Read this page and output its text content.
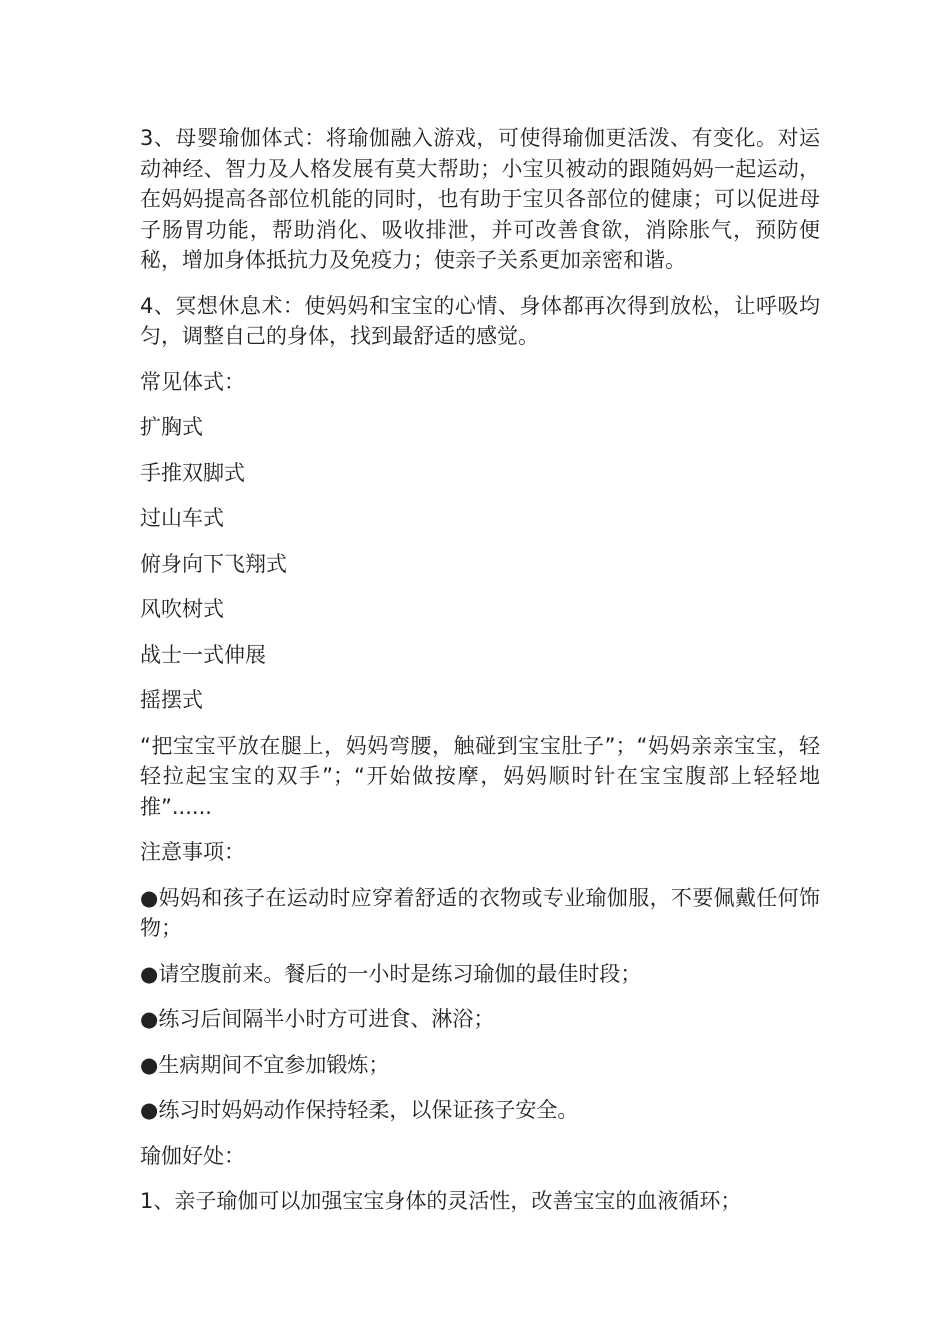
3、母婴瑜伽体式：将瑜伽融入游戏，可使得瑜伽更活泼、有变化。对运动神经、智力及人格发展有莫大帮助；小宝贝被动的跟随妈妈一起运动，在妈妈提高各部位机能的同时，也有助于宝贝各部位的健康；可以促进母子肠胃功能，帮助消化、吸收排泄，并可改善食欲，消除胀气，预防便秘，增加身体抵抗力及免疫力；使亲子关系更加亲密和谐。

4、冥想休息术：使妈妈和宝宝的心情、身体都再次得到放松，让呼吸均匀，调整自己的身体，找到最舒适的感觉。

常见体式：

扩胸式

手推双脚式

过山车式

俯身向下飞翔式

风吹树式

战士一式伸展

摇摆式

“把宝宝平放在腿上，妈妈弯腰，触碰到宝宝肚子”；“妈妈亲亲宝宝，轻轻拉起宝宝的双手”；“开始做按摩，妈妈顺时针在宝宝腹部上轻轻地推”......

注意事项：

●妈妈和孩子在运动时应穿着舒适的衣物或专业瑜伽服，不要佩戴任何饰物；

●请空腹前来。餐后的一小时是练习瑜伽的最佳时段；

●练习后间隔半小时方可进食、淋浴；

●生病期间不宜参加锻炼；

●练习时妈妈动作保持轻柔，以保证孩子安全。

瑜伽好处：

1、亲子瑜伽可以加强宝宝身体的灵活性，改善宝宝的血液循环；
